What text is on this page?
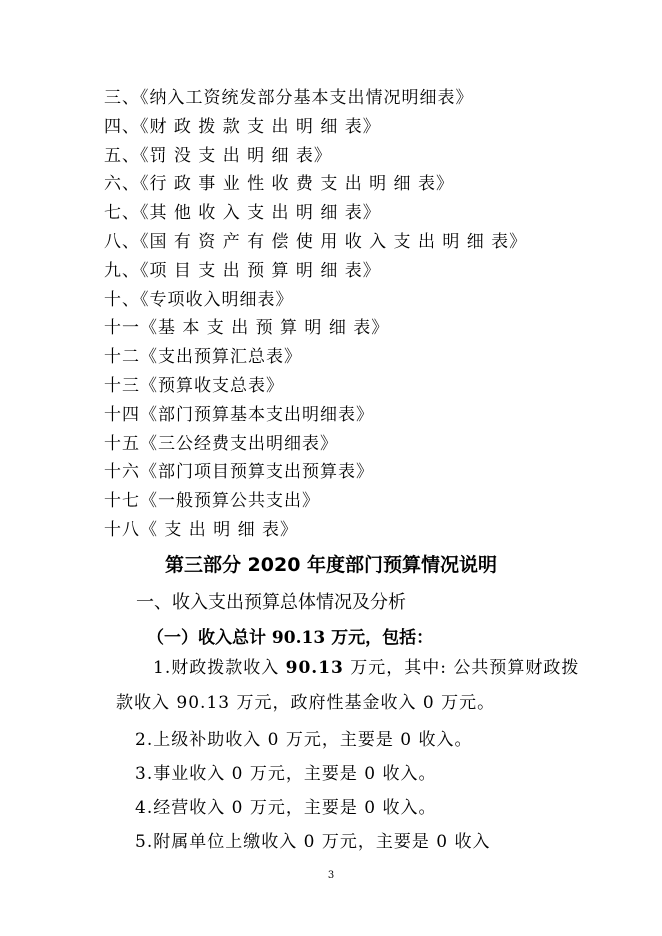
三、《纳入工资统发部分基本支出情况明细表》
四、《财 政 拨 款 支 出 明 细 表》
五、《罚 没 支 出 明 细 表》
六、《行 政 事 业 性 收 费 支 出 明 细 表》
七、《其 他 收 入 支 出 明 细 表》
八、《国 有 资 产 有 偿 使 用 收 入 支 出 明 细 表》
九、《项 目 支 出 预 算 明 细 表》
十、《专项收入明细表》
十一《基 本 支 出 预 算 明 细 表》
十二《支出预算汇总表》
十三《预算收支总表》
十四《部门预算基本支出明细表》
十五《三公经费支出明细表》
十六《部门项目预算支出预算表》
十七《一般预算公共支出》
十八《 支 出 明 细 表》
第三部分 2020 年度部门预算情况说明
一、收入支出预算总体情况及分析
（一）收入总计 90.13 万元，包括：
1.财政拨款收入 90.13 万元，其中: 公共预算财政拨
款收入 90.13 万元，政府性基金收入 0 万元。
2.上级补助收入 0 万元，主要是 0 收入。
3.事业收入 0 万元，主要是 0 收入。
4.经营收入 0 万元，主要是 0 收入。
5.附属单位上缴收入 0 万元，主要是 0 收入
3
